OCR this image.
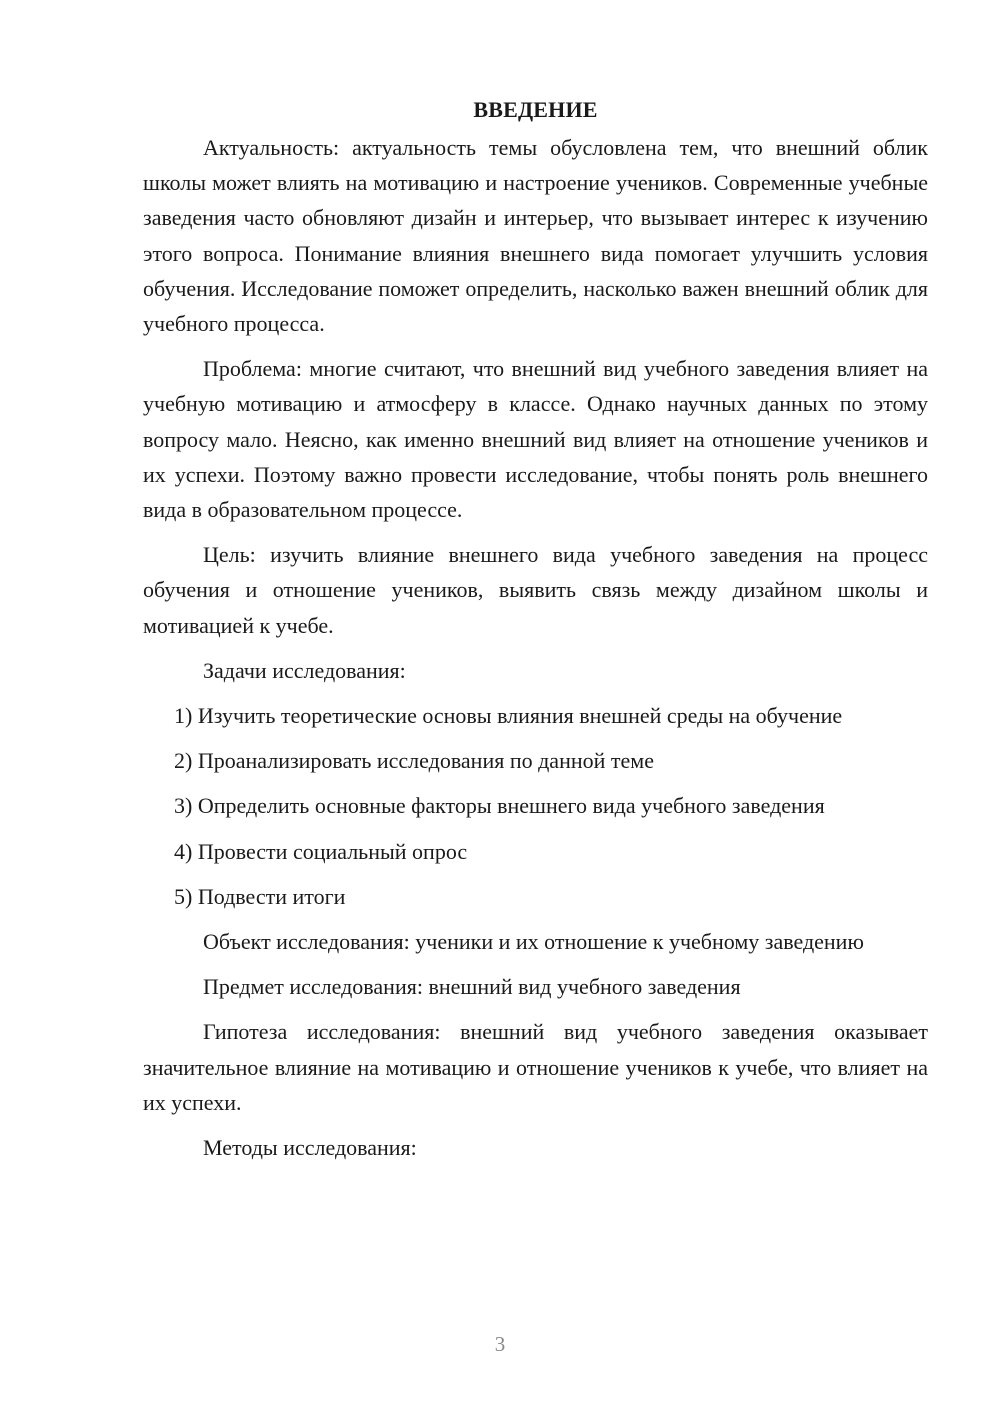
ВВЕДЕНИЕ

Актуальность: актуальность темы обусловлена тем, что внешний облик школы может влиять на мотивацию и настроение учеников. Современные учебные заведения часто обновляют дизайн и интерьер, что вызывает интерес к изучению этого вопроса. Понимание влияния внешнего вида помогает улучшить условия обучения. Исследование поможет определить, насколько важен внешний облик для учебного процесса.

Проблема: многие считают, что внешний вид учебного заведения влияет на учебную мотивацию и атмосферу в классе. Однако научных данных по этому вопросу мало. Неясно, как именно внешний вид влияет на отношение учеников и их успехи. Поэтому важно провести исследование, чтобы понять роль внешнего вида в образовательном процессе.

Цель: изучить влияние внешнего вида учебного заведения на процесс обучения и отношение учеников, выявить связь между дизайном школы и мотивацией к учебе.

Задачи исследования:

1) Изучить теоретические основы влияния внешней среды на обучение
2) Проанализировать исследования по данной теме
3) Определить основные факторы внешнего вида учебного заведения
4) Провести социальный опрос
5) Подвести итоги

Объект исследования: ученики и их отношение к учебному заведению

Предмет исследования: внешний вид учебного заведения

Гипотеза исследования: внешний вид учебного заведения оказывает значительное влияние на мотивацию и отношение учеников к учебе, что влияет на их успехи.

Методы исследования:

3
